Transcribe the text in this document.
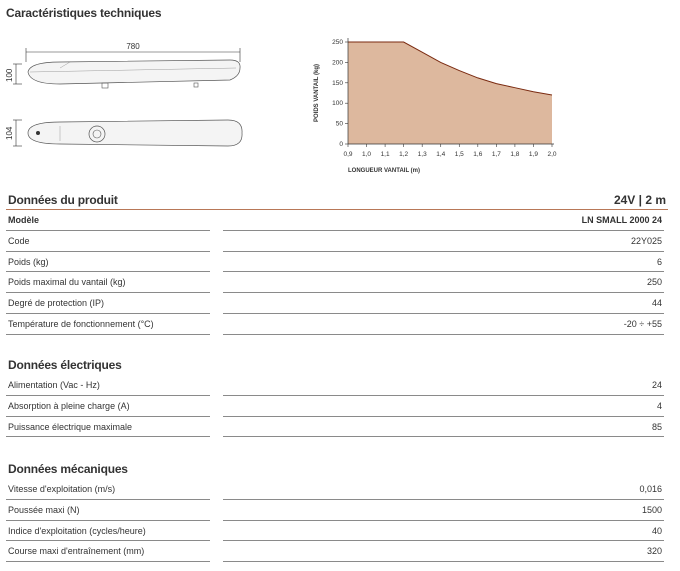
Caractéristiques techniques
780
100
104
0
50
100
150
200
250
0,9 1,0 1,1 1,2 1,3 1,4 1,5 1,6 1,7 1,8 1,9 2,0
LONGUEUR VANTAIL (m)
POIDS VANTAIL (kg)
Données du produit	24V | 2 m
Modèle	LN SMALL 2000 24
Code	22Y025
Poids (kg)	6
Poids maximal du vantail (kg)	250
Degré de protection (IP)	44
Température de fonctionnement (°C)	-20 ÷ +55
Données électriques
Alimentation (Vac - Hz)	24
Absorption à pleine charge (A)	4
Puissance électrique maximale	85
Données mécaniques
Vitesse d'exploitation (m/s)	0,016
Poussée maxi (N)	1500
Indice d'exploitation (cycles/heure)	40
Course maxi d'entraînement (mm)	320
